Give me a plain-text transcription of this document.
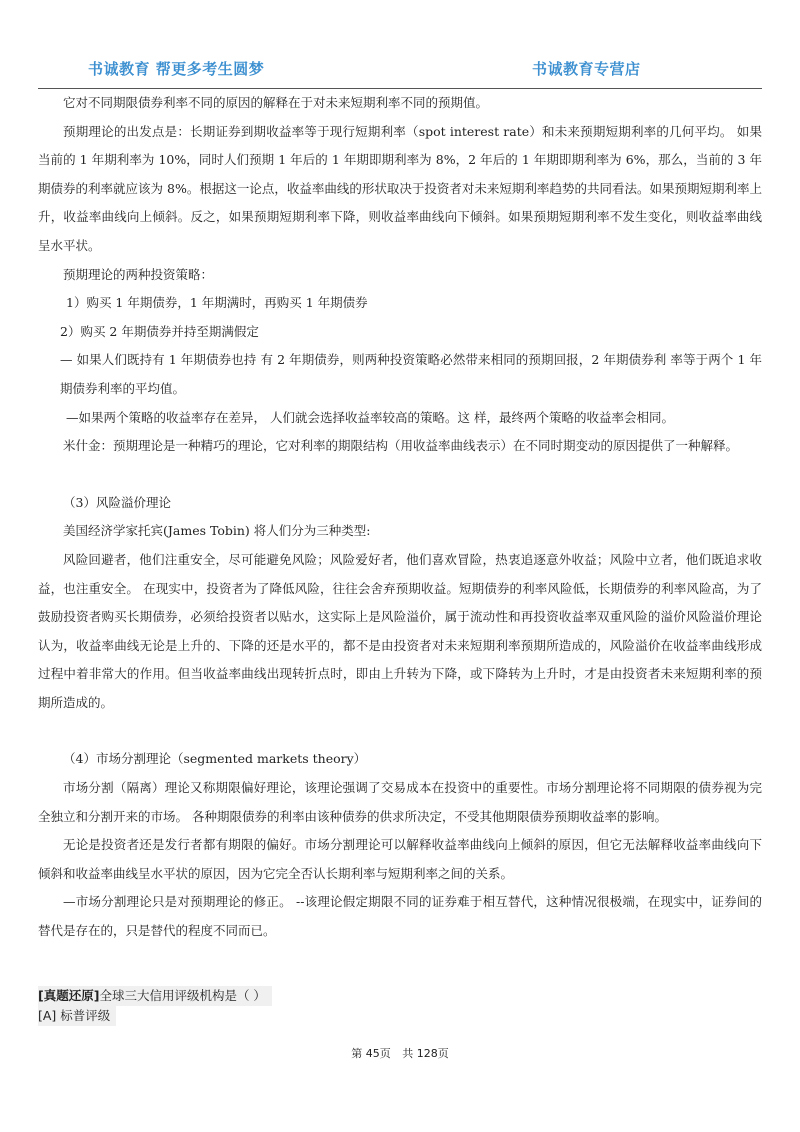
书诚教育 帮更多考生圆梦	书诚教育专营店

它对不同期限债券利率不同的原因的解释在于对未来短期利率不同的预期值。

预期理论的出发点是：长期证券到期收益率等于现行短期利率（spot interest rate）和未来预期短期利率的几何平均。 如果当前的 1 年期利率为 10%，同时人们预期 1 年后的 1 年期即期利率为 8%，2 年后的 1 年期即期利率为 6%，那么，当前的 3 年期债券的利率就应该为 8%。根据这一论点，收益率曲线的形状取决于投资者对未来短期利率趋势的共同看法。如果预期短期利率上升，收益率曲线向上倾斜。反之，如果预期短期利率下降，则收益率曲线向下倾斜。如果预期短期利率不发生变化，则收益率曲线呈水平状。

预期理论的两种投资策略：

1）购买 1 年期债券，1 年期满时，再购买 1 年期债券

2）购买 2 年期债券并持至期满假定

— 如果人们既持有 1 年期债券也持 有 2 年期债券，则两种投资策略必然带来相同的预期回报，2 年期债券利 率等于两个 1 年期债券利率的平均值。

—如果两个策略的收益率存在差异， 人们就会选择收益率较高的策略。这 样，最终两个策略的收益率会相同。

米什金：预期理论是一种精巧的理论，它对利率的期限结构（用收益率曲线表示）在不同时期变动的原因提供了一种解释。

（3）风险溢价理论

美国经济学家托宾(James Tobin) 将人们分为三种类型:

风险回避者，他们注重安全，尽可能避免风险；风险爱好者，他们喜欢冒险，热衷追逐意外收益；风险中立者，他们既追求收益，也注重安全。 在现实中，投资者为了降低风险，往往会舍弃预期收益。短期债券的利率风险低，长期债券的利率风险高，为了鼓励投资者购买长期债券，必须给投资者以贴水，这实际上是风险溢价，属于流动性和再投资收益率双重风险的溢价风险溢价理论认为，收益率曲线无论是上升的、下降的还是水平的，都不是由投资者对未来短期利率预期所造成的，风险溢价在收益率曲线形成过程中着非常大的作用。但当收益率曲线出现转折点时，即由上升转为下降，或下降转为上升时，才是由投资者未来短期利率的预期所造成的。

（4）市场分割理论（segmented markets theory）

市场分割（隔离）理论又称期限偏好理论，该理论强调了交易成本在投资中的重要性。市场分割理论将不同期限的债券视为完全独立和分割开来的市场。 各种期限债券的利率由该种债券的供求所决定，不受其他期限债券预期收益率的影响。

无论是投资者还是发行者都有期限的偏好。市场分割理论可以解释收益率曲线向上倾斜的原因，但它无法解释收益率曲线向下倾斜和收益率曲线呈水平状的原因，因为它完全否认长期利率与短期利率之间的关系。

—市场分割理论只是对预期理论的修正。 --该理论假定期限不同的证券难于相互替代，这种情况很极端，在现实中，证券间的替代是存在的，只是替代的程度不同而已。

[真题还原]全球三大信用评级机构是（ ）
[A] 标普评级
第 45页 共 128页
